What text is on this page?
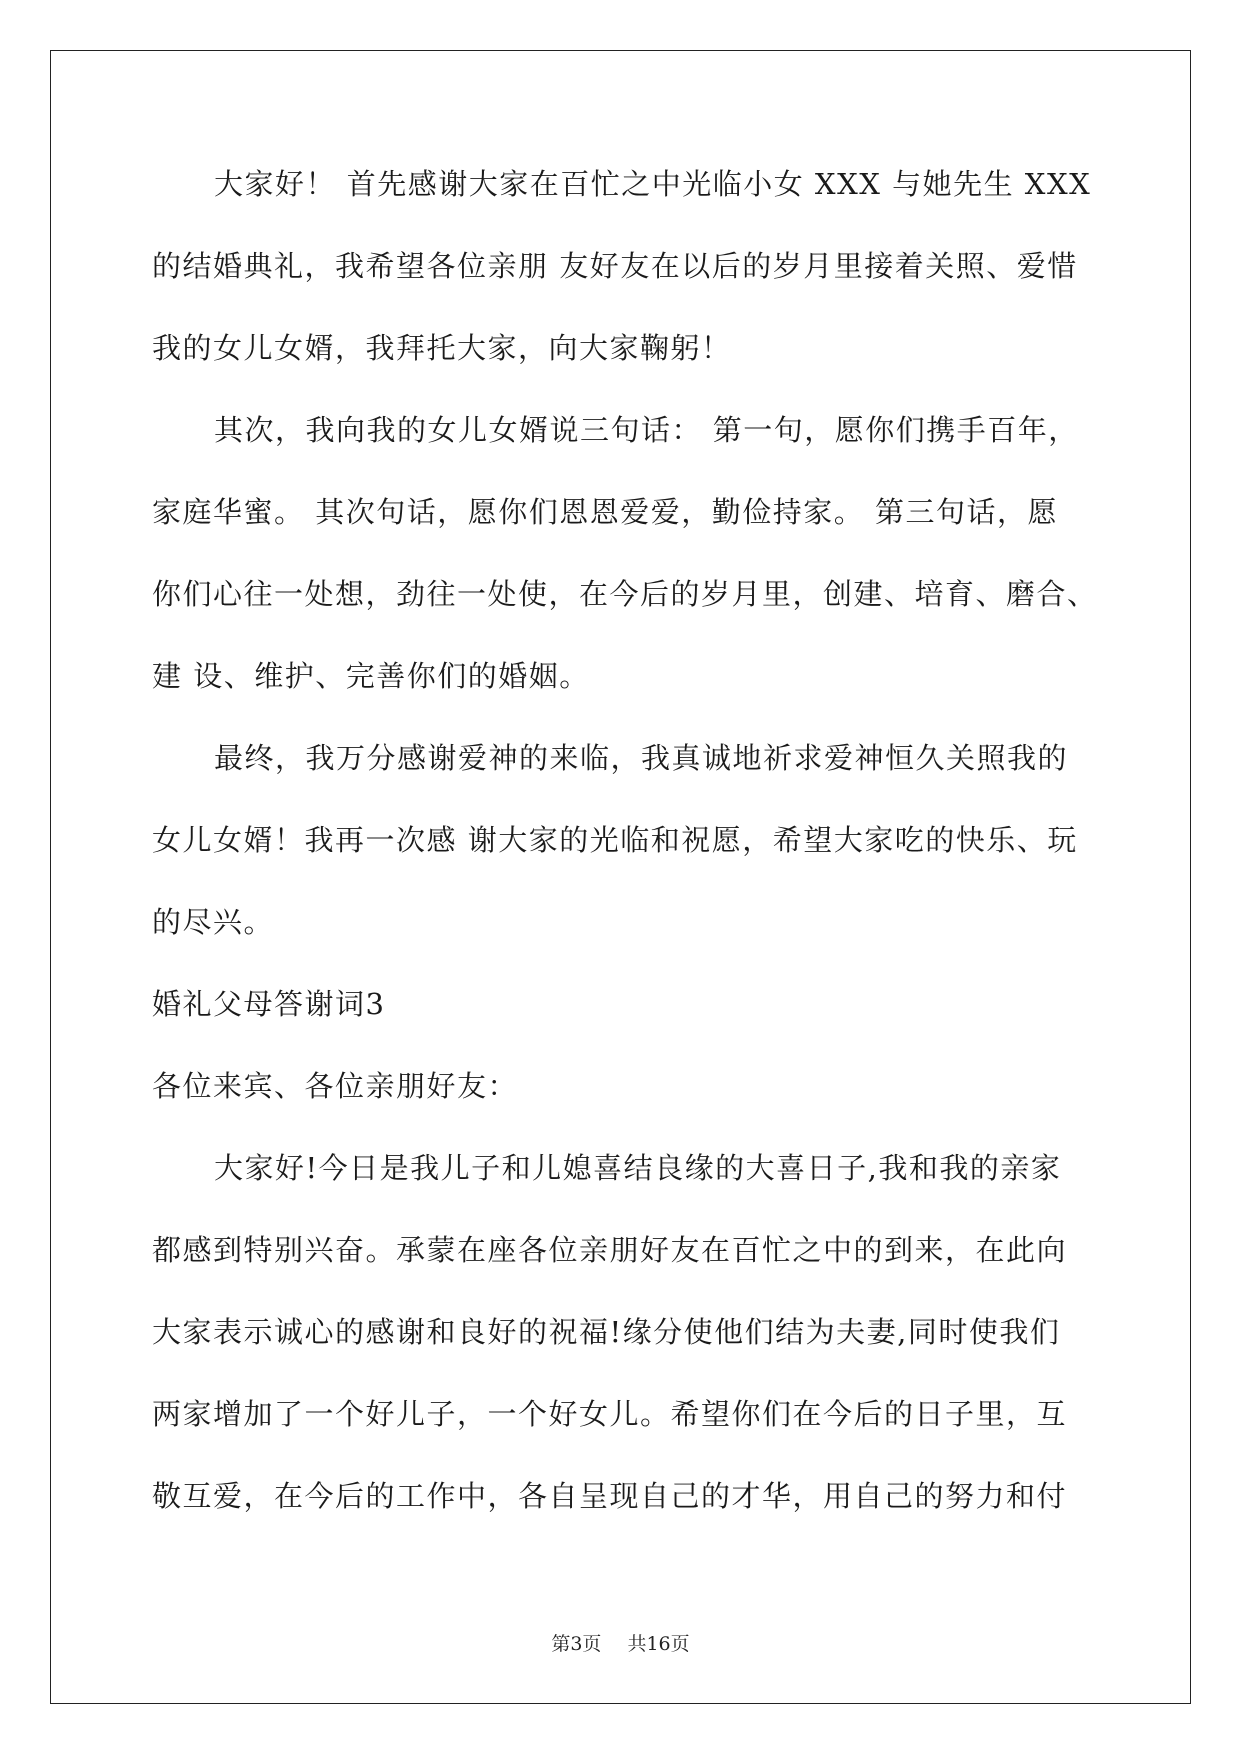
大家好！ 首先感谢大家在百忙之中光临小女 XXX 与她先生 XXX
的结婚典礼，我希望各位亲朋 友好友在以后的岁月里接着关照、爱惜
我的女儿女婿，我拜托大家，向大家鞠躬！
其次，我向我的女儿女婿说三句话： 第一句，愿你们携手百年，
家庭华蜜。 其次句话，愿你们恩恩爱爱，勤俭持家。 第三句话，愿
你们心往一处想，劲往一处使，在今后的岁月里，创建、培育、磨合、
建 设、维护、完善你们的婚姻。
最终，我万分感谢爱神的来临，我真诚地祈求爱神恒久关照我的
女儿女婿！我再一次感 谢大家的光临和祝愿，希望大家吃的快乐、玩
的尽兴。
婚礼父母答谢词3
各位来宾、各位亲朋好友：
大家好!今日是我儿子和儿媳喜结良缘的大喜日子,我和我的亲家
都感到特别兴奋。承蒙在座各位亲朋好友在百忙之中的到来，在此向
大家表示诚心的感谢和良好的祝福!缘分使他们结为夫妻,同时使我们
两家增加了一个好儿子，一个好女儿。希望你们在今后的日子里，互
敬互爱，在今后的工作中，各自呈现自己的才华，用自己的努力和付
第3页 共16页
